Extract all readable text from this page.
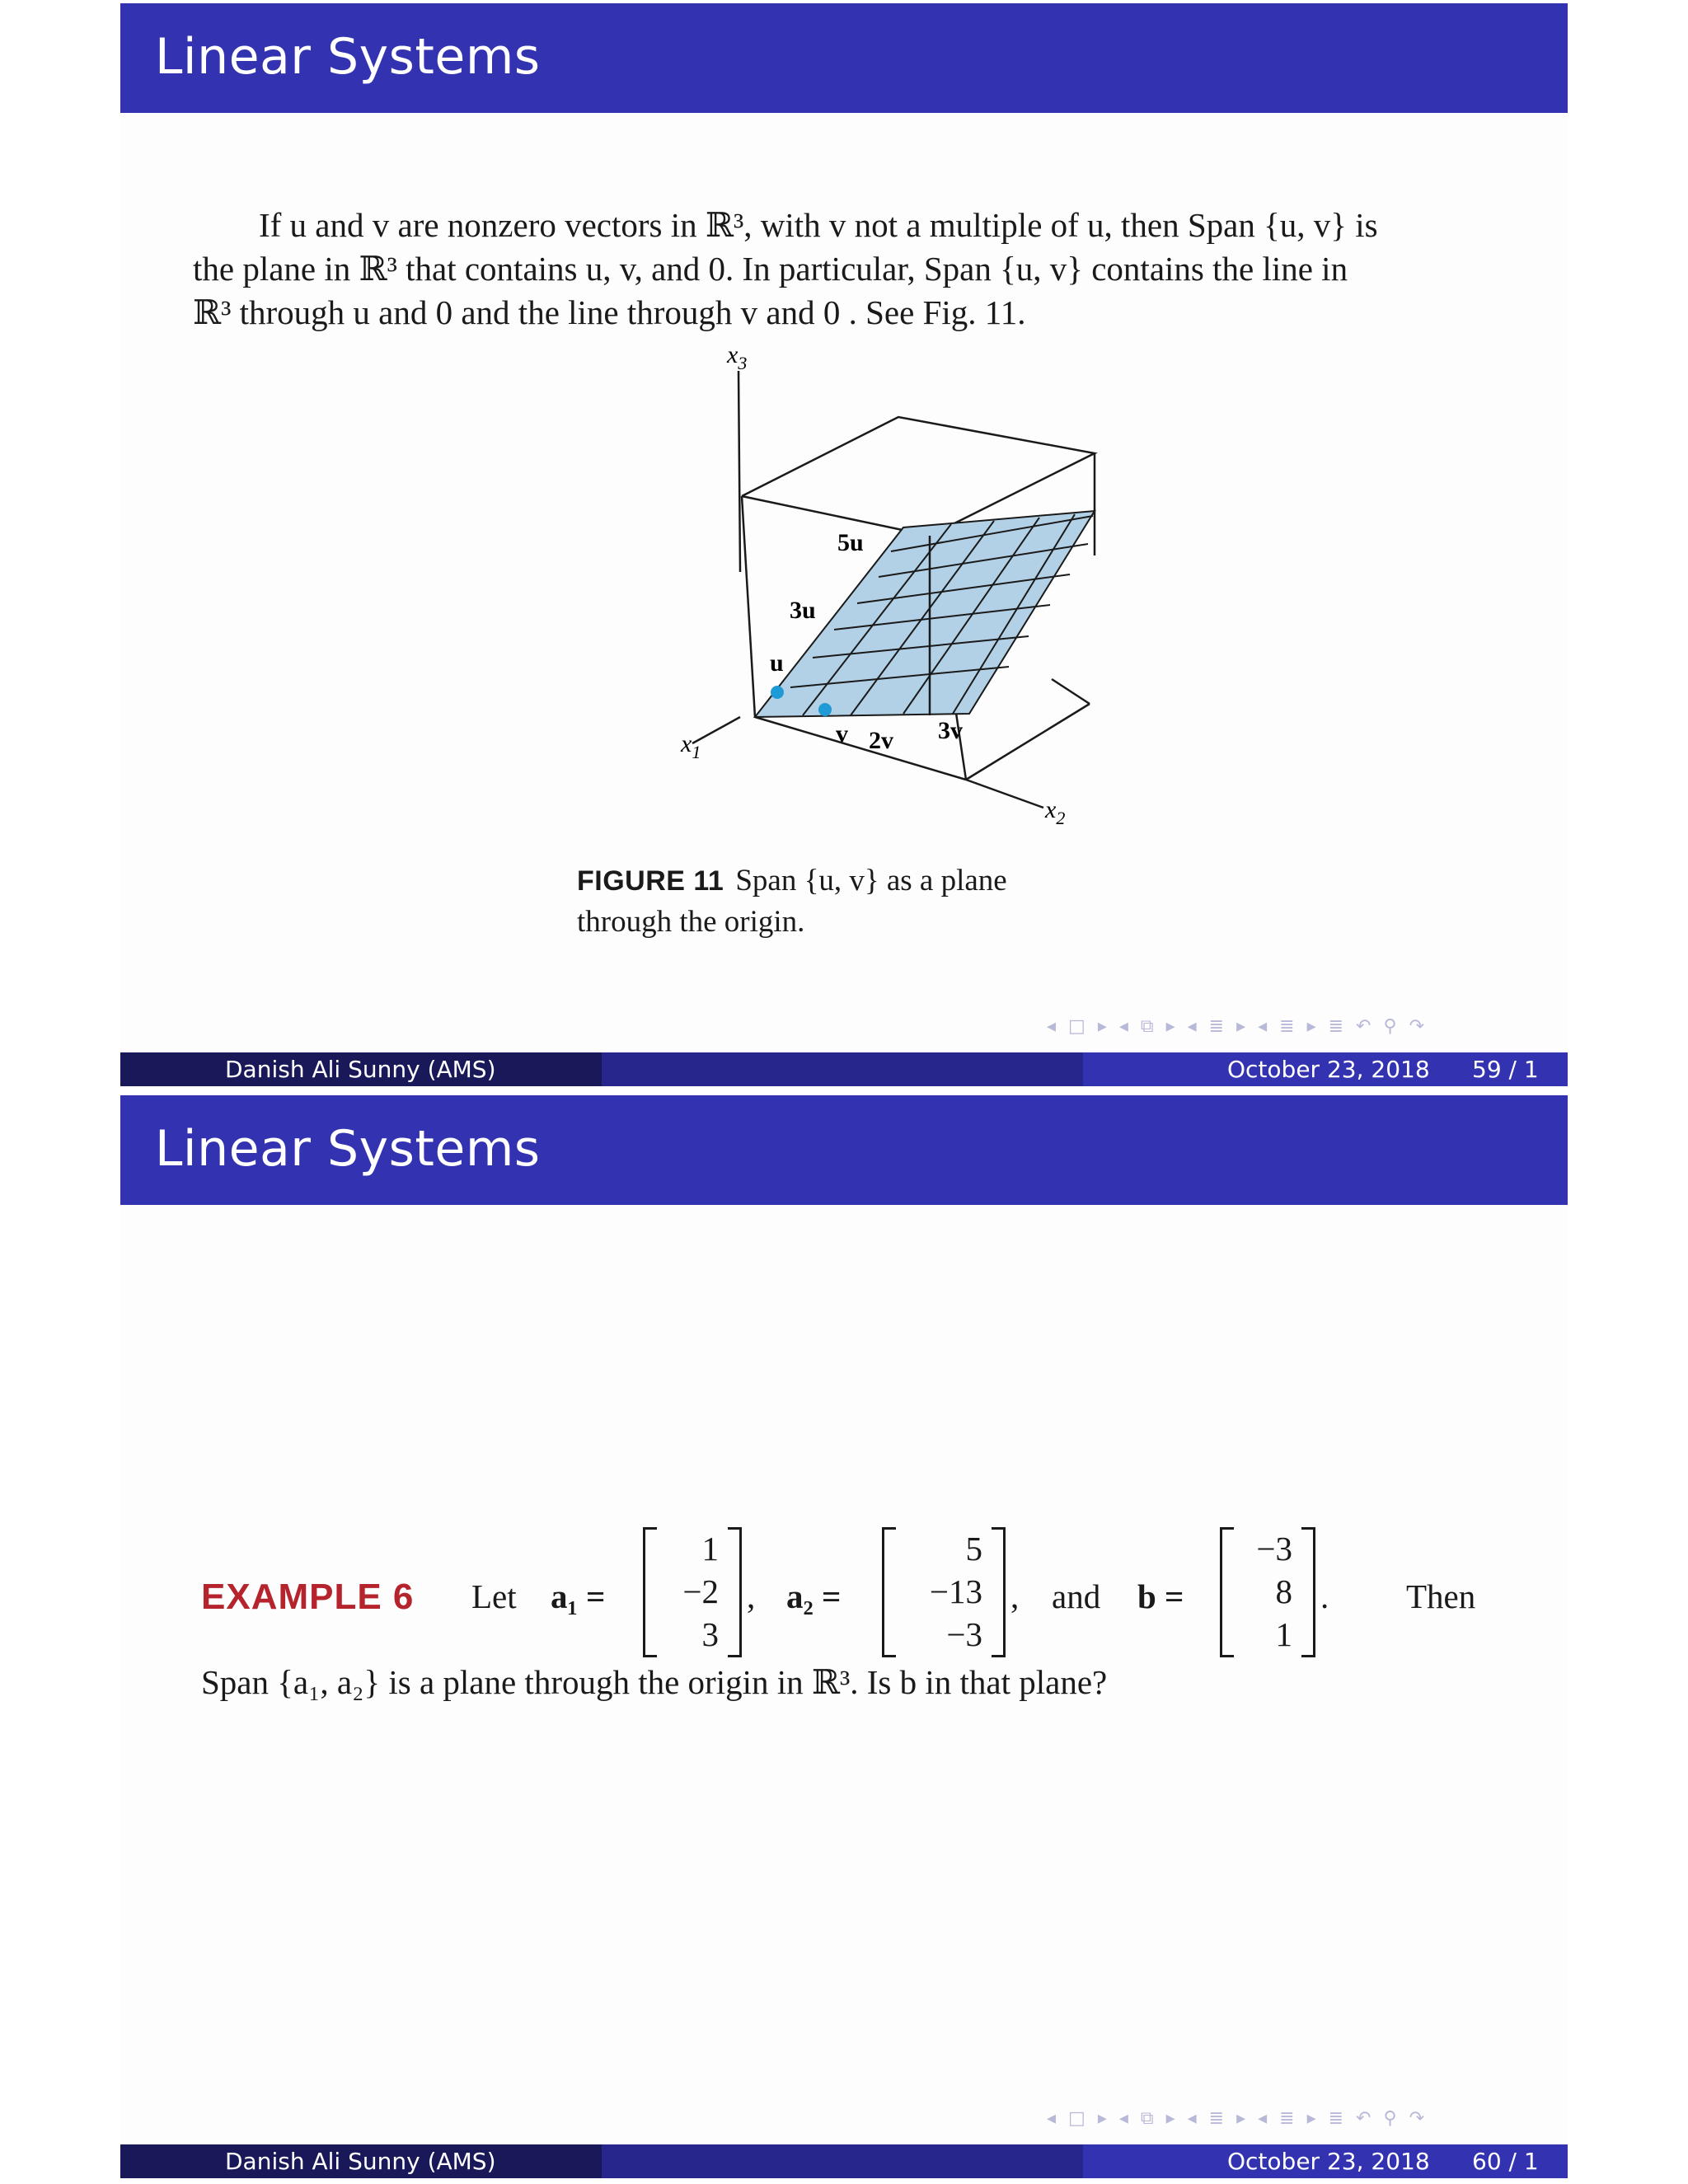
Linear Systems
If u and v are nonzero vectors in ℝ³, with v not a multiple of u, then Span {u, v} is
the plane in ℝ³ that contains u, v, and 0. In particular, Span {u, v} contains the line in
ℝ³ through u and 0 and the line through v and 0 . See Fig. 11.
$x_3$
$x_1$
$x_2$
u
3u
5u
v 2v 3v
FIGURE 11 Span {u, v} as a plane through the origin.
◂ □ ▸ ◂ ⧉ ▸ ◂ ≣ ▸ ◂ ≣ ▸ ≣ ↶ ⚲ ↷
Danish Ali Sunny (AMS)	October 23, 2018 59 / 1
Linear Systems
EXAMPLE 6 Let a₁ =
1
−2
3
, a₂ =
5
−13
−3
, and b =
−3
8
1
. Then
Span {a₁, a₂} is a plane through the origin in ℝ³. Is b in that plane?
◂ □ ▸ ◂ ⧉ ▸ ◂ ≣ ▸ ◂ ≣ ▸ ≣ ↶ ⚲ ↷
Danish Ali Sunny (AMS)	October 23, 2018 60 / 1
